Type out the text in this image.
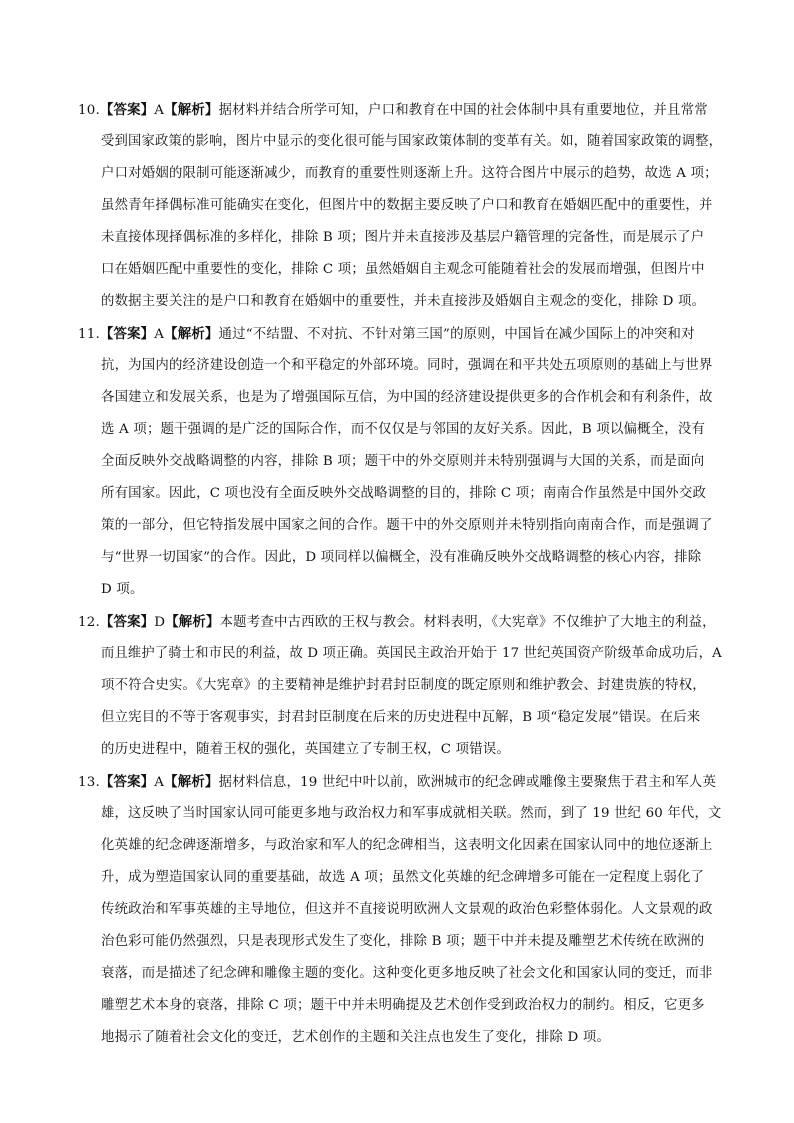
10.【答案】A【解析】据材料并结合所学可知，户口和教育在中国的社会体制中具有重要地位，并且常常
受到国家政策的影响，图片中显示的变化很可能与国家政策体制的变革有关。如，随着国家政策的调整，
户口对婚姻的限制可能逐渐减少，而教育的重要性则逐渐上升。这符合图片中展示的趋势，故选 A 项；
虽然青年择偶标准可能确实在变化，但图片中的数据主要反映了户口和教育在婚姻匹配中的重要性，并
未直接体现择偶标准的多样化，排除 B 项；图片并未直接涉及基层户籍管理的完备性，而是展示了户
口在婚姻匹配中重要性的变化，排除 C 项；虽然婚姻自主观念可能随着社会的发展而增强，但图片中
的数据主要关注的是户口和教育在婚姻中的重要性，并未直接涉及婚姻自主观念的变化，排除 D 项。
11.【答案】A【解析】通过“不结盟、不对抗、不针对第三国”的原则，中国旨在减少国际上的冲突和对
抗，为国内的经济建设创造一个和平稳定的外部环境。同时，强调在和平共处五项原则的基础上与世界
各国建立和发展关系，也是为了增强国际互信，为中国的经济建设提供更多的合作机会和有利条件，故
选 A 项；题干强调的是广泛的国际合作，而不仅仅是与邻国的友好关系。因此，B 项以偏概全，没有
全面反映外交战略调整的内容，排除 B 项；题干中的外交原则并未特别强调与大国的关系，而是面向
所有国家。因此，C 项也没有全面反映外交战略调整的目的，排除 C 项；南南合作虽然是中国外交政
策的一部分，但它特指发展中国家之间的合作。题干中的外交原则并未特别指向南南合作，而是强调了
与“世界一切国家”的合作。因此，D 项同样以偏概全，没有准确反映外交战略调整的核心内容，排除
D 项。
12.【答案】D【解析】本题考查中古西欧的王权与教会。材料表明，《大宪章》不仅维护了大地主的利益，
而且维护了骑士和市民的利益，故 D 项正确。英国民主政治开始于 17 世纪英国资产阶级革命成功后，A
项不符合史实。《大宪章》的主要精神是维护封君封臣制度的既定原则和维护教会、封建贵族的特权，
但立宪目的不等于客观事实，封君封臣制度在后来的历史进程中瓦解，B 项“稳定发展”错误。在后来
的历史进程中，随着王权的强化，英国建立了专制王权，C 项错误。
13.【答案】A【解析】据材料信息，19 世纪中叶以前，欧洲城市的纪念碑或雕像主要聚焦于君主和军人英
雄，这反映了当时国家认同可能更多地与政治权力和军事成就相关联。然而，到了 19 世纪 60 年代，文
化英雄的纪念碑逐渐增多，与政治家和军人的纪念碑相当，这表明文化因素在国家认同中的地位逐渐上
升，成为塑造国家认同的重要基础，故选 A 项；虽然文化英雄的纪念碑增多可能在一定程度上弱化了
传统政治和军事英雄的主导地位，但这并不直接说明欧洲人文景观的政治色彩整体弱化。人文景观的政
治色彩可能仍然强烈，只是表现形式发生了变化，排除 B 项；题干中并未提及雕塑艺术传统在欧洲的
衰落，而是描述了纪念碑和雕像主题的变化。这种变化更多地反映了社会文化和国家认同的变迁，而非
雕塑艺术本身的衰落，排除 C 项；题干中并未明确提及艺术创作受到政治权力的制约。相反，它更多
地揭示了随着社会文化的变迁，艺术创作的主题和关注点也发生了变化，排除 D 项。
